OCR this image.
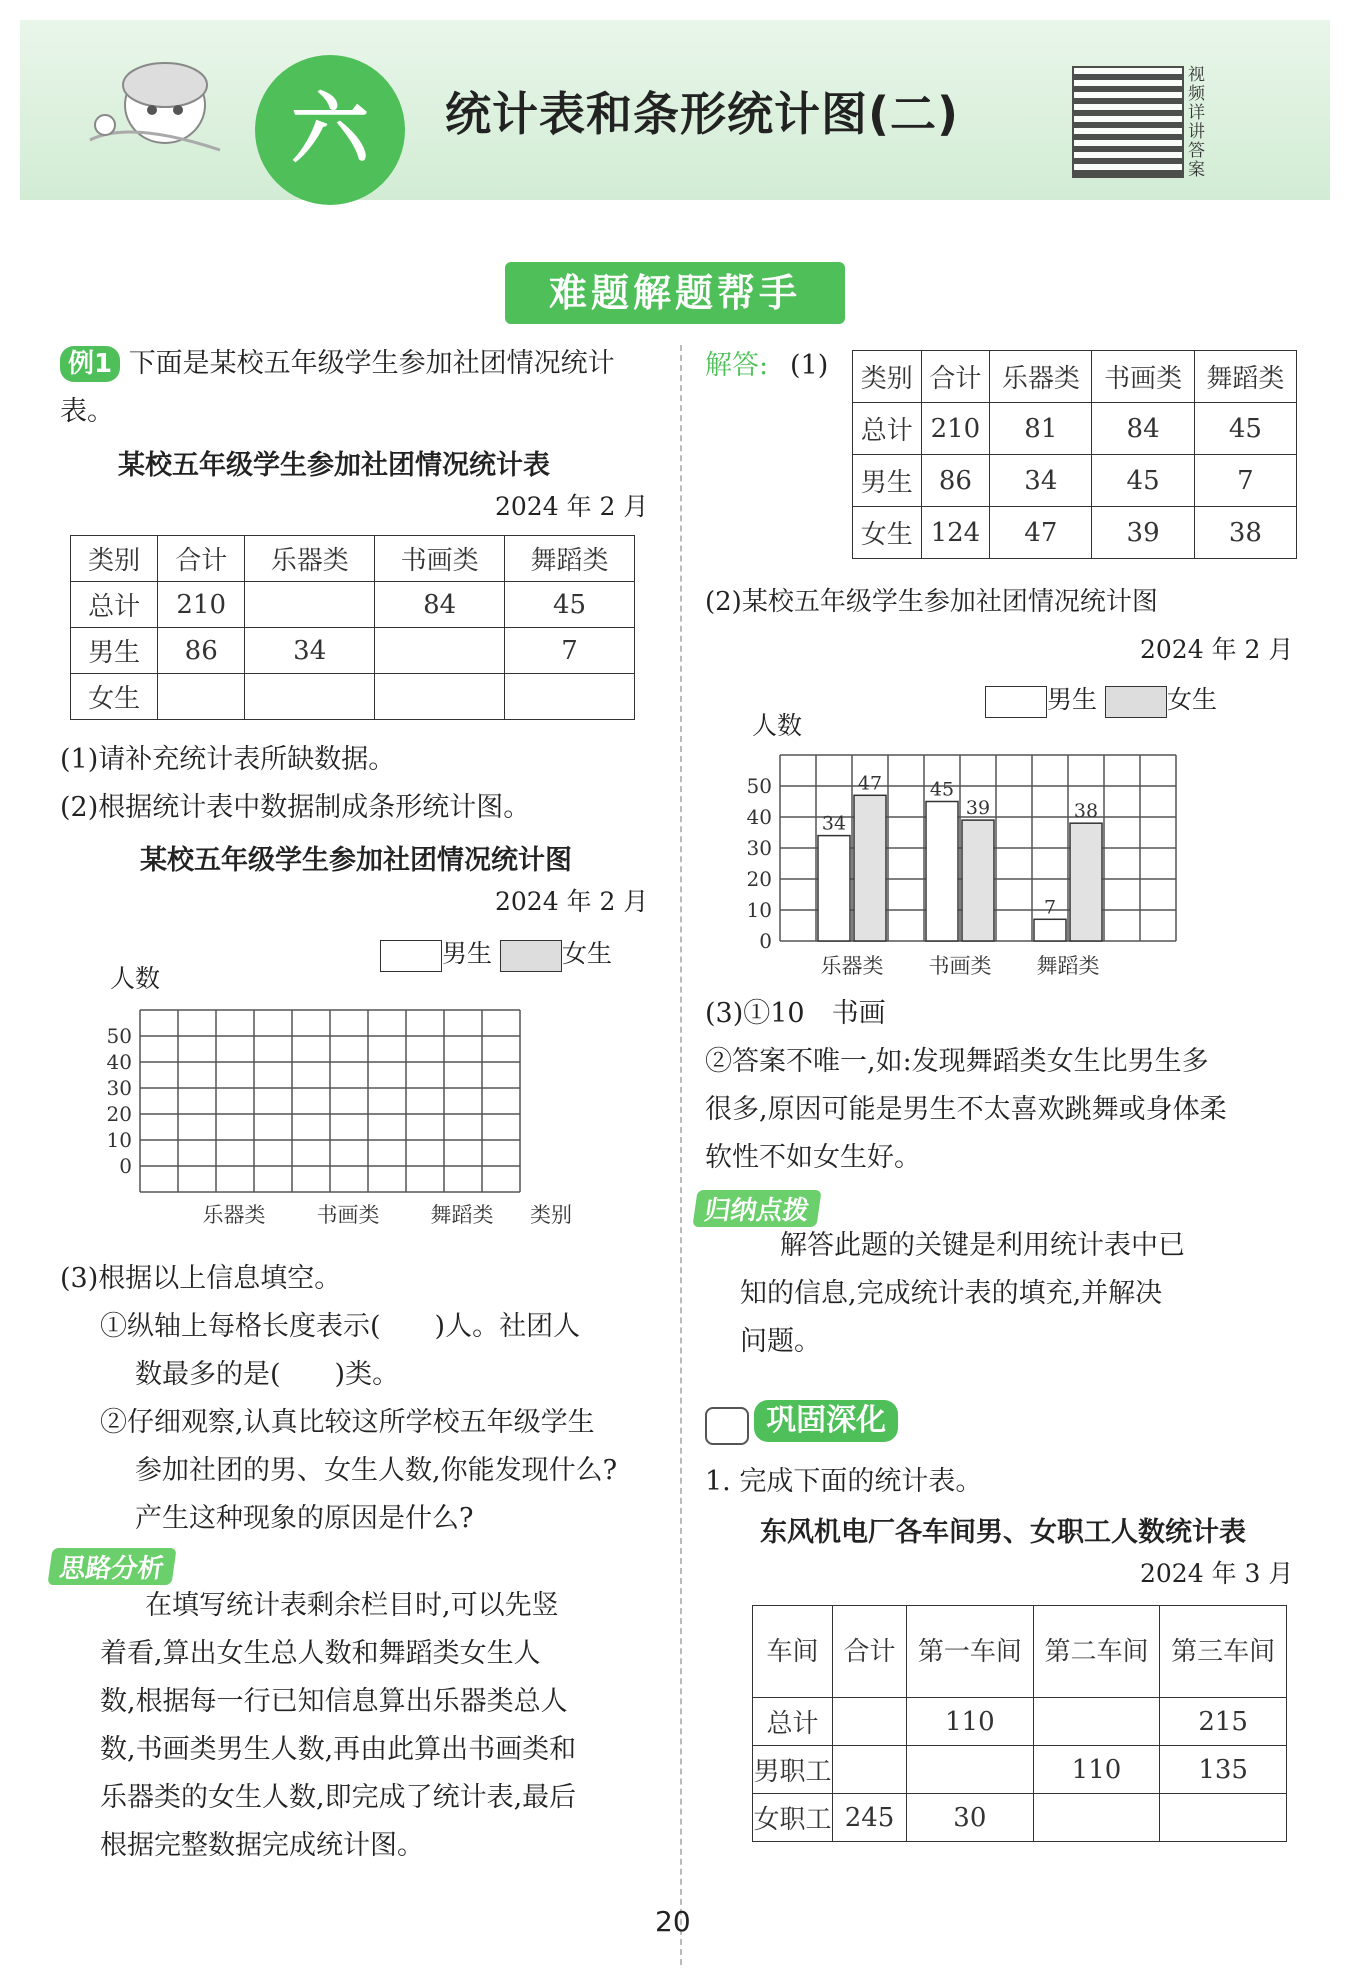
六	统计表和条形统计图(二)
视频详讲答案
难题解题帮手
例1 下面是某校五年级学生参加社团情况统计表。
某校五年级学生参加社团情况统计表
2024 年 2 月
类别	合计	乐器类	书画类	舞蹈类
总计	210		84	45
男生	86	34		7
女生				
(1)请补充统计表所缺数据。
(2)根据统计表中数据制成条形统计图。
某校五年级学生参加社团情况统计图
2024 年 2 月
男生	女生
人数
50
40
30
20
10
0
乐器类 书画类 舞蹈类 类别
(3)根据以上信息填空。
①纵轴上每格长度表示(　　)人。社团人
数最多的是(　　)类。
②仔细观察,认真比较这所学校五年级学生
参加社团的男、女生人数,你能发现什么?
产生这种现象的原因是什么?
思路分析
在填写统计表剩余栏目时,可以先竖
着看,算出女生总人数和舞蹈类女生人
数,根据每一行已知信息算出乐器类总人
数,书画类男生人数,再由此算出书画类和
乐器类的女生人数,即完成了统计表,最后
根据完整数据完成统计图。
解答: (1) 类别	合计	乐器类	书画类	舞蹈类
总计	210	81	84	45
男生	86	34	45	7
女生	124	47	39	38
(2)某校五年级学生参加社团情况统计图
2024 年 2 月
男生	女生
人数
0
10
20
30
40
50
34
47
乐器类
45
39
书画类
7
38
舞蹈类
(3)①10　书画
②答案不唯一,如:发现舞蹈类女生比男生多
很多,原因可能是男生不太喜欢跳舞或身体柔
软性不如女生好。
归纳点拨
解答此题的关键是利用统计表中已
知的信息,完成统计表的填充,并解决
问题。
巩固深化
1. 完成下面的统计表。
东风机电厂各车间男、女职工人数统计表
2024 年 3 月
车间	合计	第一车间	第二车间	第三车间
总计		110		215
男职工			110	135
女职工	245	30		
20
